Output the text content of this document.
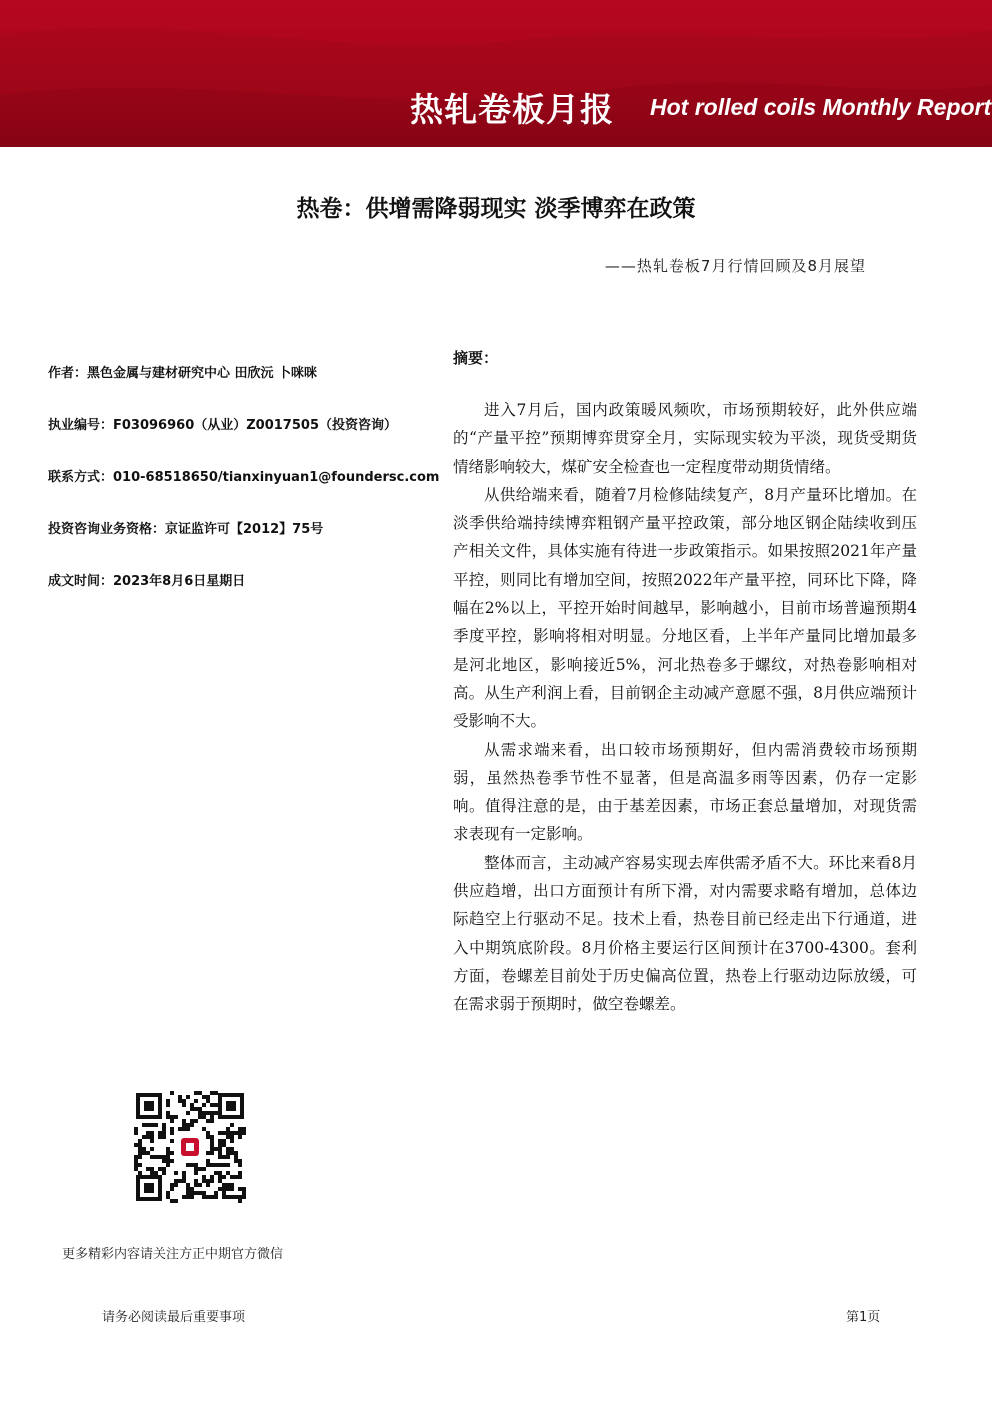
热轧卷板月报 Hot rolled coils Monthly Report
热卷：供增需降弱现实 淡季博弈在政策
——热轧卷板7月行情回顾及8月展望
作者：黑色金属与建材研究中心 田欣沅 卜咪咪
执业编号：F03096960（从业）Z0017505（投资咨询）
联系方式：010-68518650/tianxinyuan1@foundersc.com
投资咨询业务资格：京证监许可【2012】75号
成文时间：2023年8月6日星期日
摘要：

进入7月后，国内政策暖风频吹，市场预期较好，此外供应端的“产量平控”预期博弈贯穿全月，实际现实较为平淡，现货受期货情绪影响较大，煤矿安全检查也一定程度带动期货情绪。

从供给端来看，随着7月检修陆续复产，8月产量环比增加。在淡季供给端持续博弈粗钢产量平控政策，部分地区钢企陆续收到压产相关文件，具体实施有待进一步政策指示。如果按照2021年产量平控，则同比有增加空间，按照2022年产量平控，同环比下降，降幅在2%以上，平控开始时间越早，影响越小，目前市场普遍预期4季度平控，影响将相对明显。分地区看，上半年产量同比增加最多是河北地区，影响接近5%，河北热卷多于螺纹，对热卷影响相对高。从生产利润上看，目前钢企主动减产意愿不强，8月供应端预计受影响不大。

从需求端来看，出口较市场预期好，但内需消费较市场预期弱，虽然热卷季节性不显著，但是高温多雨等因素，仍存一定影响。值得注意的是，由于基差因素，市场正套总量增加，对现货需求表现有一定影响。

整体而言，主动减产容易实现去库供需矛盾不大。环比来看8月供应趋增，出口方面预计有所下滑，对内需要求略有增加，总体边际趋空上行驱动不足。技术上看，热卷目前已经走出下行通道，进入中期筑底阶段。8月价格主要运行区间预计在3700-4300。套利方面，卷螺差目前处于历史偏高位置，热卷上行驱动边际放缓，可在需求弱于预期时，做空卷螺差。

更多精彩内容请关注方正中期官方微信
请务必阅读最后重要事项	第1页
